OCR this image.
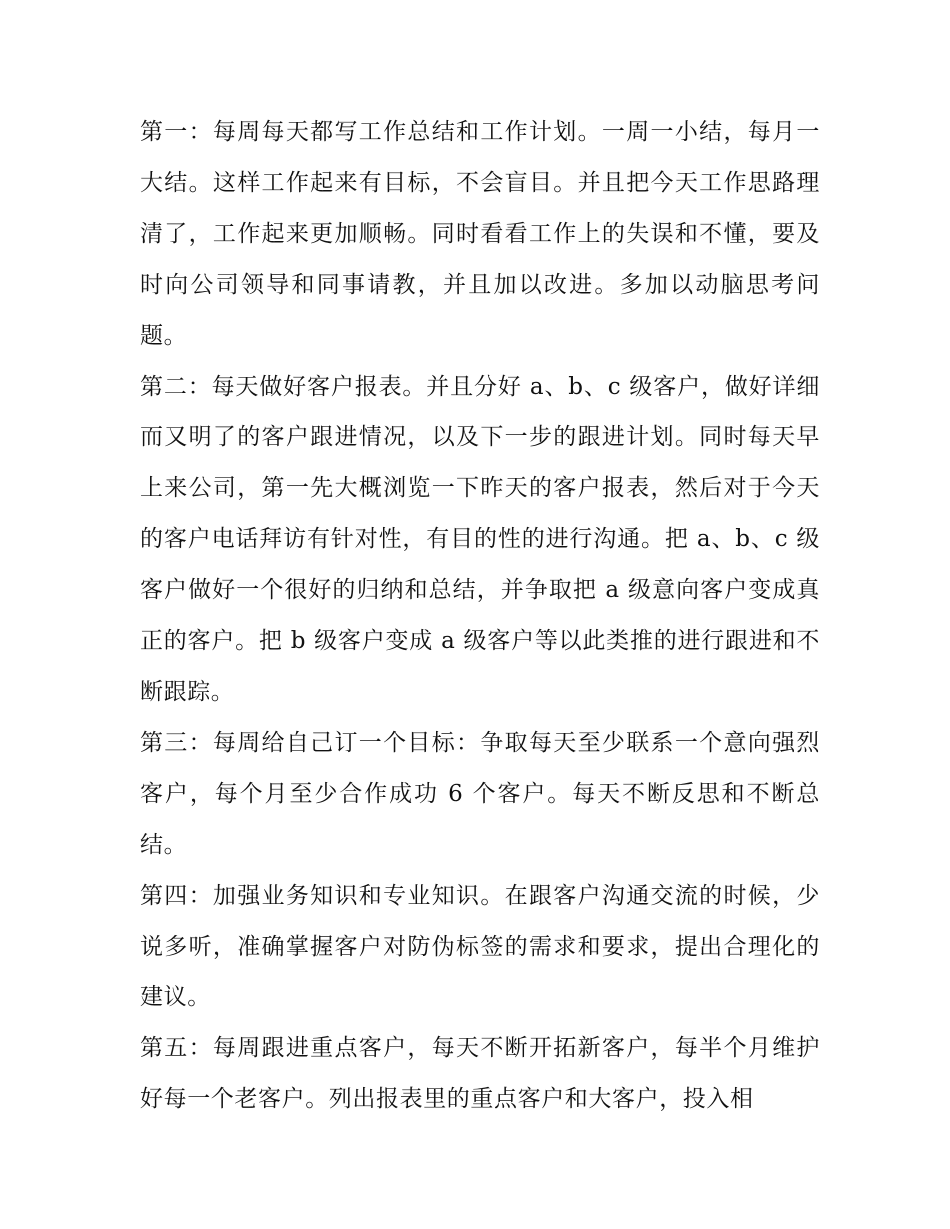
第一：每周每天都写工作总结和工作计划。一周一小结，每月一大结。这样工作起来有目标，不会盲目。并且把今天工作思路理清了，工作起来更加顺畅。同时看看工作上的失误和不懂，要及时向公司领导和同事请教，并且加以改进。多加以动脑思考问题。

第二：每天做好客户报表。并且分好 a、b、c 级客户，做好详细而又明了的客户跟进情况，以及下一步的跟进计划。同时每天早上来公司，第一先大概浏览一下昨天的客户报表，然后对于今天的客户电话拜访有针对性，有目的性的进行沟通。把 a、b、c 级客户做好一个很好的归纳和总结，并争取把 a 级意向客户变成真正的客户。把 b 级客户变成 a 级客户等以此类推的进行跟进和不断跟踪。

第三：每周给自己订一个目标：争取每天至少联系一个意向强烈客户，每个月至少合作成功 6 个客户。每天不断反思和不断总结。

第四：加强业务知识和专业知识。在跟客户沟通交流的时候，少说多听，准确掌握客户对防伪标签的需求和要求，提出合理化的建议。

第五：每周跟进重点客户，每天不断开拓新客户，每半个月维护好每一个老客户。列出报表里的重点客户和大客户，投入相
